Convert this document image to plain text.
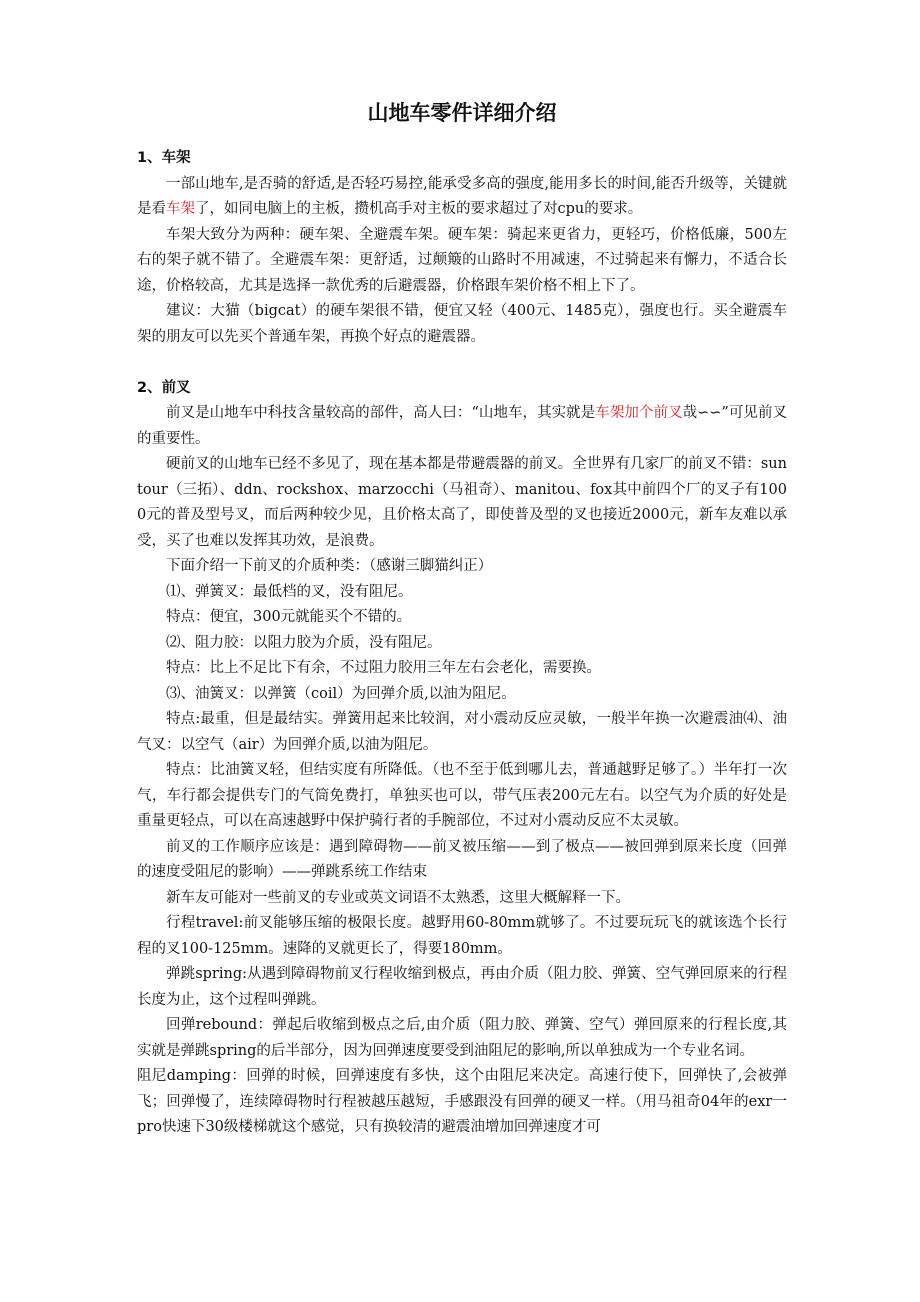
山地车零件详细介绍
1、车架

一部山地车,是否骑的舒适,是否轻巧易控,能承受多高的强度,能用多长的时间,能否升级等，关键就是看车架了，如同电脑上的主板，攒机高手对主板的要求超过了对cpu的要求。

车架大致分为两种：硬车架、全避震车架。硬车架：骑起来更省力，更轻巧，价格低廉，500左右的架子就不错了。全避震车架：更舒适，过颠簸的山路时不用减速，不过骑起来有懈力，不适合长途，价格较高，尤其是选择一款优秀的后避震器，价格跟车架价格不相上下了。

建议：大猫（bigcat）的硬车架很不错，便宜又轻（400元、1485克），强度也行。买全避震车架的朋友可以先买个普通车架，再换个好点的避震器。

2、前叉

前叉是山地车中科技含量较高的部件，高人曰：“山地车，其实就是车架加个前叉哉∽∽”可见前叉的重要性。

硬前叉的山地车已经不多见了，现在基本都是带避震器的前叉。全世界有几家厂的前叉不错：suntour（三拓）、ddn、rockshox、marzocchi（马祖奇）、manitou、fox其中前四个厂的叉子有1000元的普及型号叉，而后两种较少见，且价格太高了，即使普及型的叉也接近2000元，新车友难以承受，买了也难以发挥其功效，是浪费。

下面介绍一下前叉的介质种类：（感谢三脚猫纠正）

⑴、弹簧叉：最低档的叉，没有阻尼。

特点：便宜，300元就能买个不错的。

⑵、阻力胶：以阻力胶为介质，没有阻尼。

特点：比上不足比下有余，不过阻力胶用三年左右会老化，需要换。

⑶、油簧叉：以弹簧（coil）为回弹介质,以油为阻尼。

特点:最重，但是最结实。弹簧用起来比较润，对小震动反应灵敏，一般半年换一次避震油⑷、油气叉：以空气（air）为回弹介质,以油为阻尼。

特点：比油簧叉轻，但结实度有所降低。（也不至于低到哪儿去，普通越野足够了。）半年打一次气，车行都会提供专门的气筒免费打，单独买也可以，带气压表200元左右。以空气为介质的好处是重量更轻点，可以在高速越野中保护骑行者的手腕部位，不过对小震动反应不太灵敏。

前叉的工作顺序应该是：遇到障碍物——前叉被压缩——到了极点——被回弹到原来长度（回弹的速度受阻尼的影响）——弹跳系统工作结束

新车友可能对一些前叉的专业或英文词语不太熟悉，这里大概解释一下。

行程travel:前叉能够压缩的极限长度。越野用60-80mm就够了。不过要玩玩飞的就该选个长行程的叉100-125mm。速降的叉就更长了，得要180mm。

弹跳spring:从遇到障碍物前叉行程收缩到极点，再由介质（阻力胶、弹簧、空气弹回原来的行程长度为止，这个过程叫弹跳。

回弹rebound：弹起后收缩到极点之后,由介质（阻力胶、弹簧、空气）弹回原来的行程长度,其实就是弹跳spring的后半部分，因为回弹速度要受到油阻尼的影响,所以单独成为一个专业名词。

阻尼damping：回弹的时候，回弹速度有多快，这个由阻尼来决定。高速行使下，回弹快了,会被弹飞；回弹慢了，连续障碍物时行程被越压越短，手感跟没有回弹的硬叉一样。（用马祖奇04年的exr一pro快速下30级楼梯就这个感觉，只有换较清的避震油增加回弹速度才可
